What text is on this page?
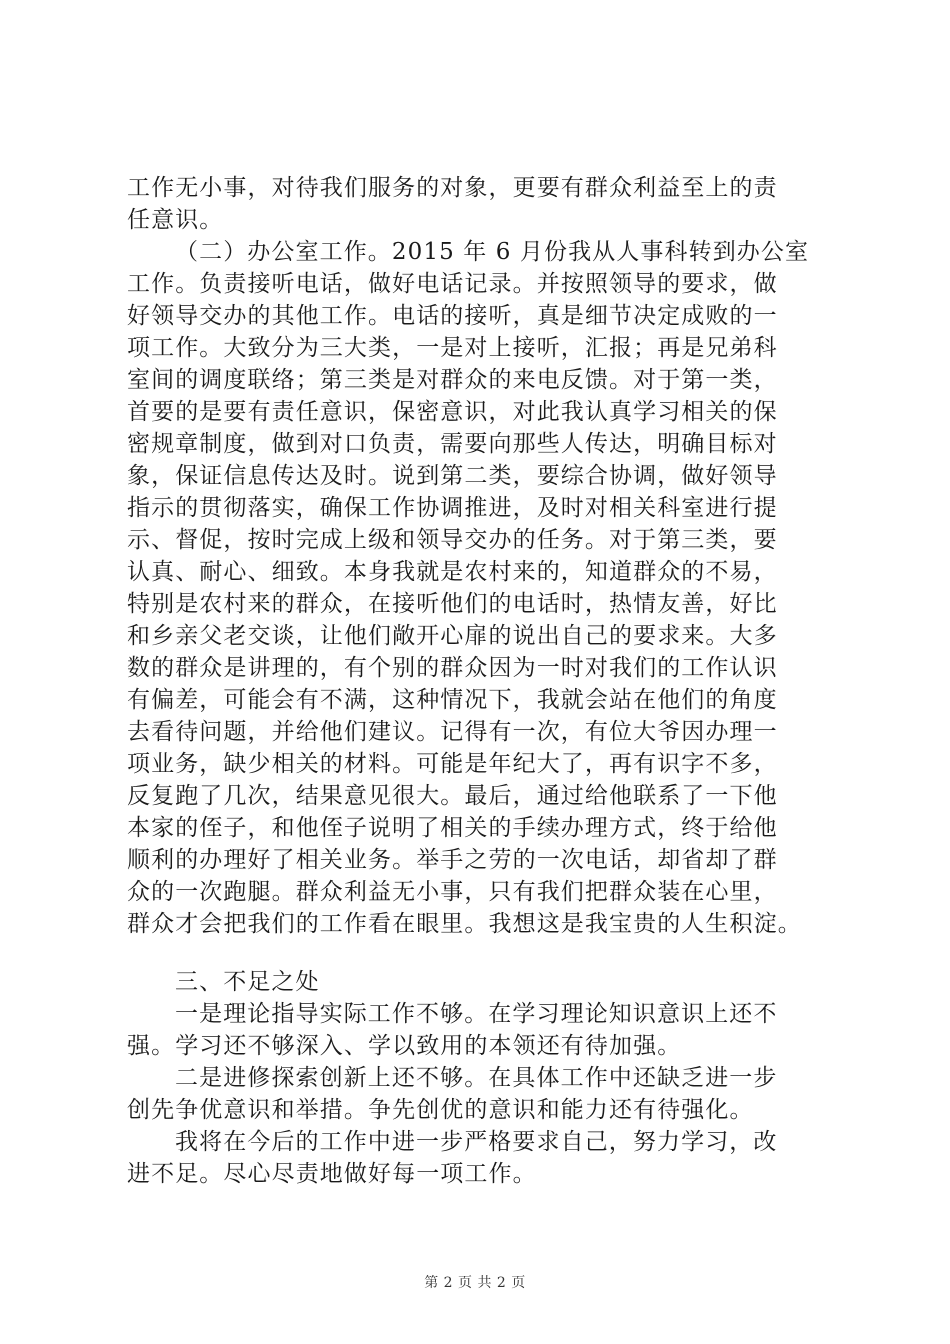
工作无小事，对待我们服务的对象，更要有群众利益至上的责
任意识。
（二）办公室工作。2015 年 6 月份我从人事科转到办公室
工作。负责接听电话，做好电话记录。并按照领导的要求，做
好领导交办的其他工作。电话的接听，真是细节决定成败的一
项工作。大致分为三大类，一是对上接听，汇报；再是兄弟科
室间的调度联络；第三类是对群众的来电反馈。对于第一类，
首要的是要有责任意识，保密意识，对此我认真学习相关的保
密规章制度，做到对口负责，需要向那些人传达，明确目标对
象，保证信息传达及时。说到第二类，要综合协调，做好领导
指示的贯彻落实，确保工作协调推进，及时对相关科室进行提
示、督促，按时完成上级和领导交办的任务。对于第三类，要
认真、耐心、细致。本身我就是农村来的，知道群众的不易，
特别是农村来的群众，在接听他们的电话时，热情友善，好比
和乡亲父老交谈，让他们敞开心扉的说出自己的要求来。大多
数的群众是讲理的，有个别的群众因为一时对我们的工作认识
有偏差，可能会有不满，这种情况下，我就会站在他们的角度
去看待问题，并给他们建议。记得有一次，有位大爷因办理一
项业务，缺少相关的材料。可能是年纪大了，再有识字不多，
反复跑了几次，结果意见很大。最后，通过给他联系了一下他
本家的侄子，和他侄子说明了相关的手续办理方式，终于给他
顺利的办理好了相关业务。举手之劳的一次电话，却省却了群
众的一次跑腿。群众利益无小事，只有我们把群众装在心里，
群众才会把我们的工作看在眼里。我想这是我宝贵的人生积淀。
三、不足之处
一是理论指导实际工作不够。在学习理论知识意识上还不
强。学习还不够深入、学以致用的本领还有待加强。
二是进修探索创新上还不够。在具体工作中还缺乏进一步
创先争优意识和举措。争先创优的意识和能力还有待强化。
我将在今后的工作中进一步严格要求自己，努力学习，改
进不足。尽心尽责地做好每一项工作。
第 2 页 共 2 页
